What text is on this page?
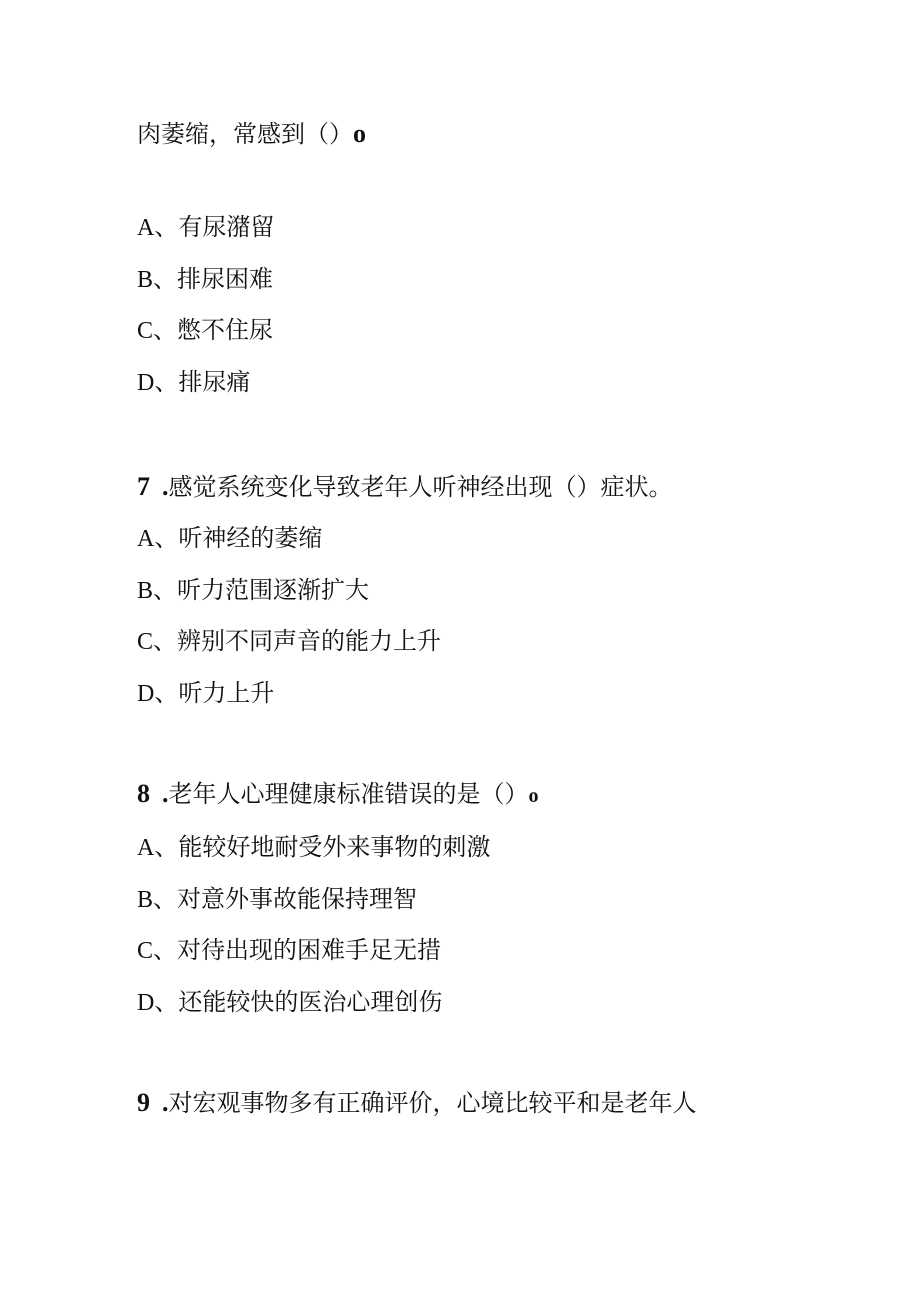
肉萎缩，常感到（）o
A、有尿潴留
B、排尿困难
C、憋不住尿
D、排尿痛
7 .感觉系统变化导致老年人听神经出现（）症状。
A、听神经的萎缩
B、听力范围逐渐扩大
C、辨别不同声音的能力上升
D、听力上升
8 .老年人心理健康标准错误的是（）o
A、能较好地耐受外来事物的刺激
B、对意外事故能保持理智
C、对待出现的困难手足无措
D、还能较快的医治心理创伤
9 .对宏观事物多有正确评价，心境比较平和是老年人
